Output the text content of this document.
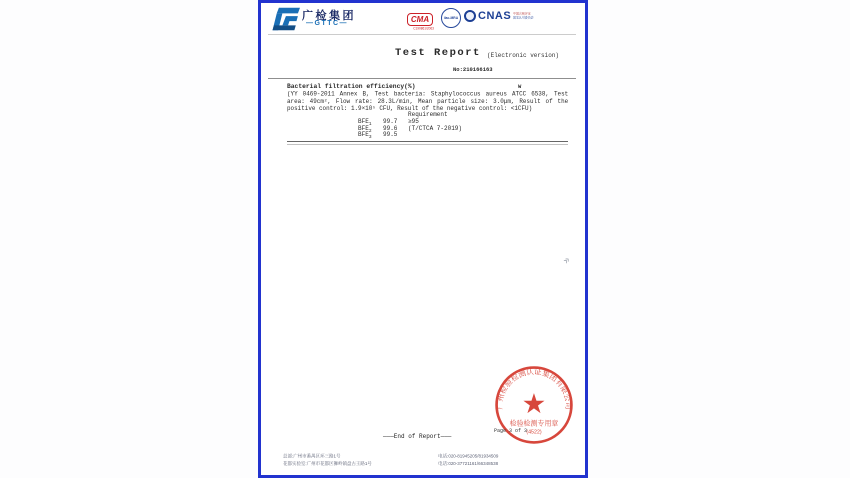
广检集团
—GTTC—	CMA
C190861/2063
ilac-MRA CNAS 中国合格评定
国家认可委员会
Test Report (Electronic version)
No:210166163
Bacterial filtration efficiency(%)	W
(YY 0469-2011 Annex B, Test bacteria: Staphylococcus aureus ATCC 6538, Test area: 49cm², Flow rate: 28.3L/min, Mean particle size: 3.0μm, Result of the positive control: 1.9×10⁵ CFU, Result of the negative control: <1CFU)
Requirement
≥95
(T/CTCA 7-2019)
$BFE_1$ 99.7
$BFE_2$ 99.6
$BFE_3$ 99.5
»
广州检验检测认证集团有限公司
★
检验检测专用章
(4522)
———End of Report———
Page 3 of 3
总部:广州市番禺区环三路1号
花都实验室:广州市花都区狮岭镇盘古王路1号
电话:020-81945205/81934509
电话:020-37721161/66348538
